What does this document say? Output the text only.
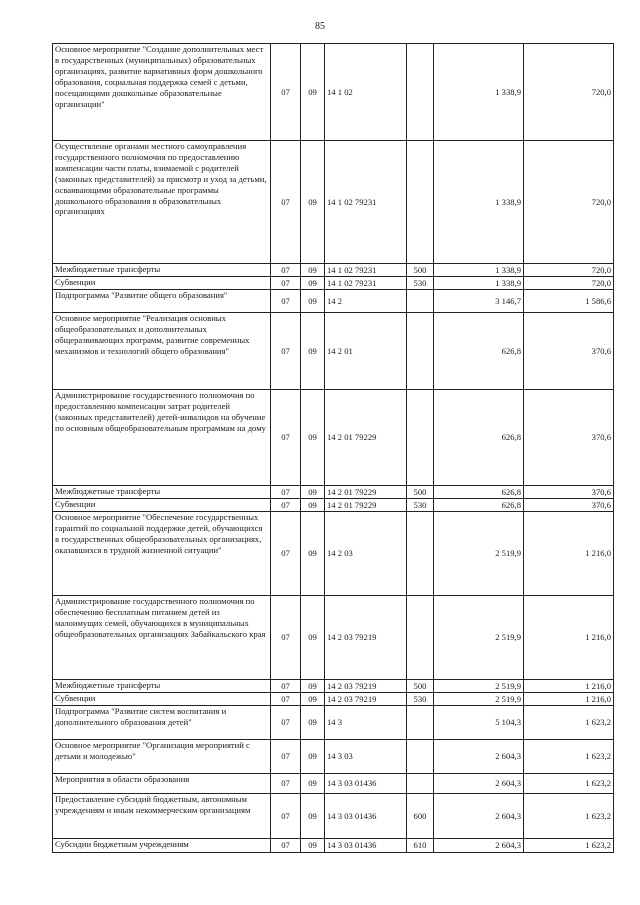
85
Основное мероприятие "Создание дополнительных мест в государственных (муниципальных) образовательных организациях, развитие вариативных форм дошкольного образования, социальная поддержка семей с детьми, посещающими дошкольные образовательные организации"	07	09	14 1 02		1 338,9	720,0
Осуществление органами местного самоуправления государственного полномочия по предоставлению компенсации части платы, взимаемой с родителей (законных представителей) за присмотр и уход за детьми, осваивающими образовательные программы дошкольного образования в образовательных организациях	07	09	14 1 02 79231		1 338,9	720,0
Межбюджетные трансферты	07	09	14 1 02 79231	500	1 338,9	720,0
Субвенции	07	09	14 1 02 79231	530	1 338,9	720,0
Подпрограмма "Развитие общего образования"	07	09	14 2		3 146,7	1 586,6
Основное мероприятие "Реализация основных общеобразовательных и дополнительных общеразвивающих программ, развитие современных механизмов и технологий общего образования"	07	09	14 2 01		626,8	370,6
Администрирование государственного полномочия по предоставлению компенсации затрат родителей (законных представителей) детей-инвалидов на обучение по основным общеобразовательным программам на дому	07	09	14 2 01 79229		626,8	370,6
Межбюджетные трансферты	07	09	14 2 01 79229	500	626,8	370,6
Субвенции	07	09	14 2 01 79229	530	626,8	370,6
Основное мероприятие "Обеспечение государственных гарантий по социальной поддержке детей, обучающихся в государственных общеобразовательных организациях, оказавшихся в трудной жизненной ситуации"	07	09	14 2 03		2 519,9	1 216,0
Администрирование государственного полномочия по обеспечению бесплатным питанием детей из малоимущих семей, обучающихся в муниципальных общеобразовательных организациях Забайкальского края	07	09	14 2 03 79219		2 519,9	1 216,0
Межбюджетные трансферты	07	09	14 2 03 79219	500	2 519,9	1 216,0
Субвенции	07	09	14 2 03 79219	530	2 519,9	1 216,0
Подпрограмма "Развитие систем воспитания и дополнительного образования детей"	07	09	14 3		5 104,3	1 623,2
Основное мероприятие "Организация мероприятий с детьми и молодежью"	07	09	14 3 03		2 604,3	1 623,2
Мероприятия в области образования	07	09	14 3 03 01436		2 604,3	1 623,2
Предоставление субсидий бюджетным, автономным учреждениям и иным некоммерческим организациям	07	09	14 3 03 01436	600	2 604,3	1 623,2
Субсидии бюджетным учреждениям	07	09	14 3 03 01436	610	2 604,3	1 623,2
